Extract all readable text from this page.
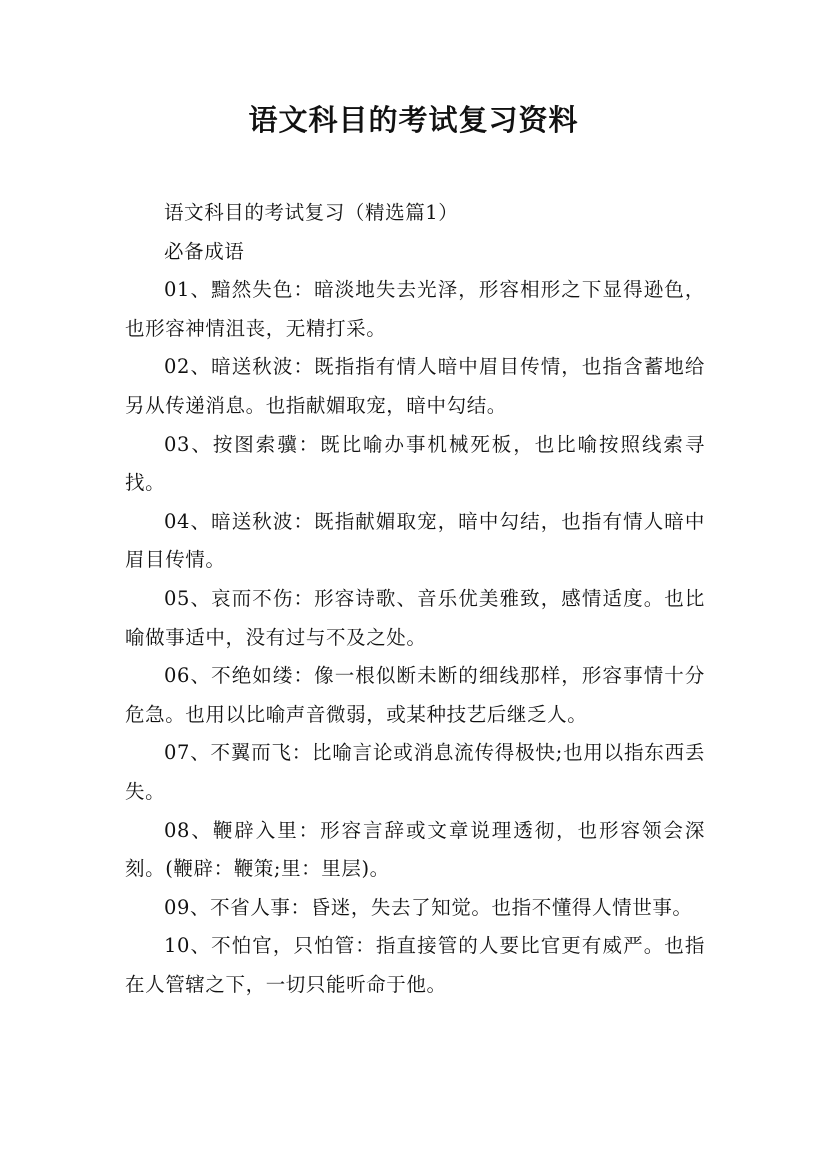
语文科目的考试复习资料

语文科目的考试复习（精选篇1）

必备成语

01、黯然失色：暗淡地失去光泽，形容相形之下显得逊色，也形容神情沮丧，无精打采。

02、暗送秋波：既指指有情人暗中眉目传情，也指含蓄地给另从传递消息。也指献媚取宠，暗中勾结。

03、按图索骥：既比喻办事机械死板，也比喻按照线索寻找。

04、暗送秋波：既指献媚取宠，暗中勾结，也指有情人暗中眉目传情。

05、哀而不伤：形容诗歌、音乐优美雅致，感情适度。也比喻做事适中，没有过与不及之处。

06、不绝如缕：像一根似断未断的细线那样，形容事情十分危急。也用以比喻声音微弱，或某种技艺后继乏人。

07、不翼而飞：比喻言论或消息流传得极快;也用以指东西丢失。

08、鞭辟入里：形容言辞或文章说理透彻，也形容领会深刻。(鞭辟：鞭策;里：里层)。

09、不省人事：昏迷，失去了知觉。也指不懂得人情世事。

10、不怕官，只怕管：指直接管的人要比官更有威严。也指在人管辖之下，一切只能听命于他。
